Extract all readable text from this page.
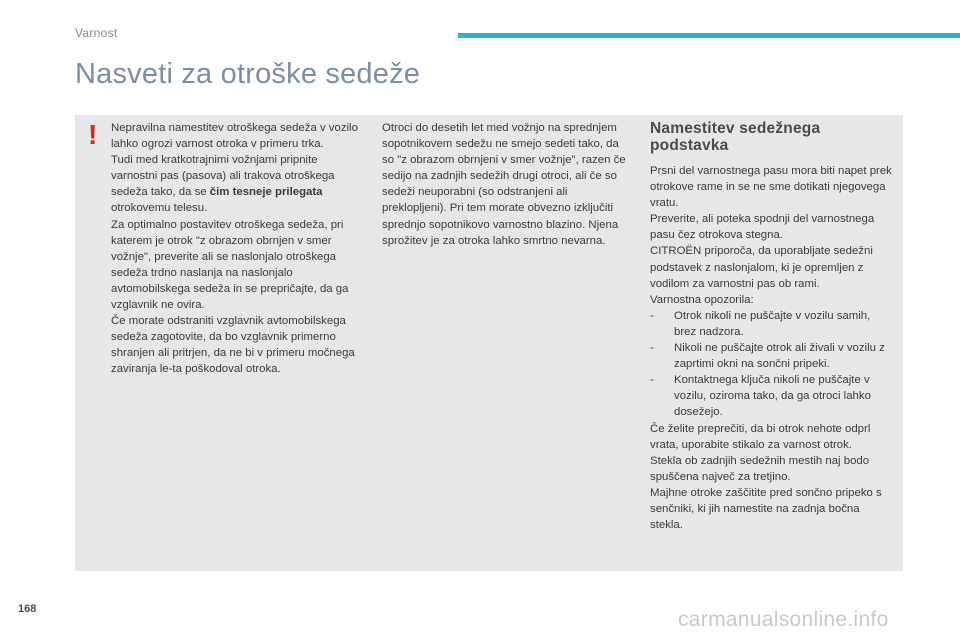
Varnost
Nasveti za otroške sedeže
! Nepravilna namestitev otroškega sedeža v vozilo lahko ogrozi varnost otroka v primeru trka.

Tudi med kratkotrajnimi vožnjami pripnite varnostni pas (pasova) ali trakova otroškega sedeža tako, da se čim tesneje prilegata otrokovemu telesu.

Za optimalno postavitev otroškega sedeža, pri katerem je otrok "z obrazom obrnjen v smer vožnje", preverite ali se naslonjalo otroškega sedeža trdno naslanja na naslonjalo avtomobilskega sedeža in se prepričajte, da ga vzglavnik ne ovira.

Če morate odstraniti vzglavnik avtomobilskega sedeža zagotovite, da bo vzglavnik primerno shranjen ali pritrjen, da ne bi v primeru močnega zaviranja le-ta poškodoval otroka.

Otroci do desetih let med vožnjo na sprednjem sopotnikovem sedežu ne smejo sedeti tako, da so "z obrazom obrnjeni v smer vožnje", razen če sedijo na zadnjih sedežih drugi otroci, ali če so sedeži neuporabni (so odstranjeni ali preklopljeni). Pri tem morate obvezno izključiti sprednjo sopotnikovo varnostno blazino. Njena sprožitev je za otroka lahko smrtno nevarna.

Namestitev sedežnega podstavka

Prsni del varnostnega pasu mora biti napet prek otrokove rame in se ne sme dotikati njegovega vratu.

Preverite, ali poteka spodnji del varnostnega pasu čez otrokova stegna.

CITROËN priporoča, da uporabljate sedežni podstavek z naslonjalom, ki je opremljen z vodilom za varnostni pas ob rami.

Varnostna opozorila:

-	Otrok nikoli ne puščajte v vozilu samih, brez nadzora.
-	Nikoli ne puščajte otrok ali živali v vozilu z zaprtimi okni na sončni pripeki.
-	Kontaktnega ključa nikoli ne puščajte v vozilu, oziroma tako, da ga otroci lahko dosežejo.

Če želite preprečiti, da bi otrok nehote odprl vrata, uporabite stikalo za varnost otrok.

Stekla ob zadnjih sedežnih mestih naj bodo spuščena največ za tretjino.

Majhne otroke zaščitite pred sončno pripeko s senčniki, ki jih namestite na zadnja bočna stekla.

168	carmanualsonline.info
